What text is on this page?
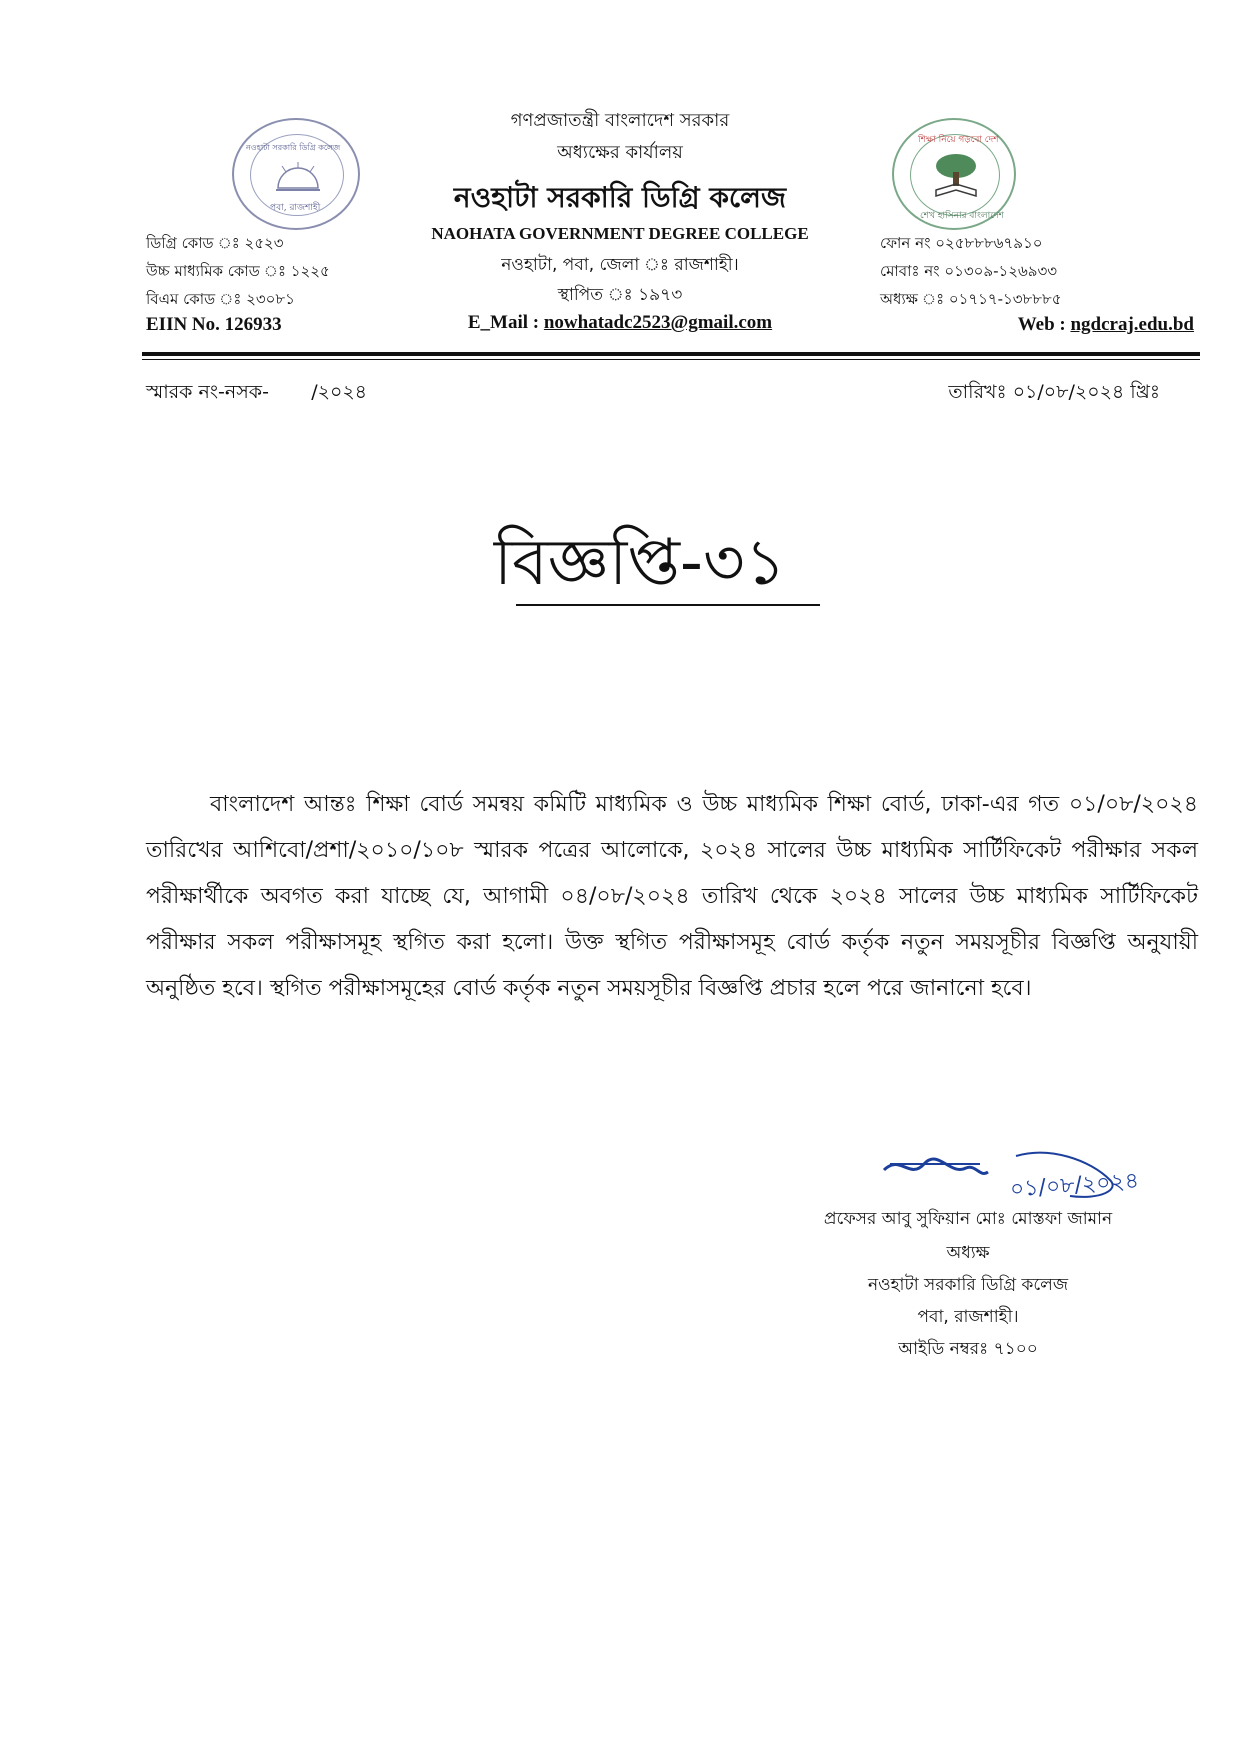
নওহাটা সরকারি ডিগ্রি কলেজ
পবা, রাজশাহী
শিক্ষা নিয়ে গড়বো দেশ
শেখ হাসিনার বাংলাদেশ
গণপ্রজাতন্ত্রী বাংলাদেশ সরকার
অধ্যক্ষের কার্যালয়
নওহাটা সরকারি ডিগ্রি কলেজ
NAOHATA GOVERNMENT DEGREE COLLEGE
নওহাটা, পবা, জেলা ঃ রাজশাহী।
স্থাপিত ঃ ১৯৭৩
E_Mail : nowhatadc2523@gmail.com
ডিগ্রি কোড ঃ ২৫২৩
উচ্চ মাধ্যমিক কোড ঃ ১২২৫
বিএম কোড ঃ ২৩০৮১
EIIN No. 126933
ফোন নং ০২৫৮৮৮৬৭৯১০
মোবাঃ নং ০১৩০৯-১২৬৯৩৩
অধ্যক্ষ ঃ ০১৭১৭-১৩৮৮৮৫
Web : ngdcraj.edu.bd
স্মারক নং-নসক-       /২০২৪	তারিখঃ ০১/০৮/২০২৪ খ্রিঃ
বিজ্ঞপ্তি-৩১
বাংলাদেশ আন্তঃ শিক্ষা বোর্ড সমন্বয় কমিটি মাধ্যমিক ও উচ্চ মাধ্যমিক শিক্ষা বোর্ড, ঢাকা-এর গত ০১/০৮/২০২৪ তারিখের আশিবো/প্রশা/২০১০/১০৮ স্মারক পত্রের আলোকে, ২০২৪ সালের উচ্চ মাধ্যমিক সার্টিফিকেট পরীক্ষার সকল পরীক্ষার্থীকে অবগত করা যাচ্ছে যে, আগামী ০৪/০৮/২০২৪ তারিখ থেকে ২০২৪ সালের উচ্চ মাধ্যমিক সার্টিফিকেট পরীক্ষার সকল পরীক্ষাসমূহ স্থগিত করা হলো। উক্ত স্থগিত পরীক্ষাসমূহ বোর্ড কর্তৃক নতুন সময়সূচীর বিজ্ঞপ্তি অনুযায়ী অনুষ্ঠিত হবে। স্থগিত পরীক্ষাসমূহের বোর্ড কর্তৃক নতুন সময়সূচীর বিজ্ঞপ্তি প্রচার হলে পরে জানানো হবে।
০১/০৮/২০২৪
প্রফেসর আবু সুফিয়ান মোঃ মোস্তফা জামান
অধ্যক্ষ
নওহাটা সরকারি ডিগ্রি কলেজ
পবা, রাজশাহী।
আইডি নম্বরঃ ৭১০০
